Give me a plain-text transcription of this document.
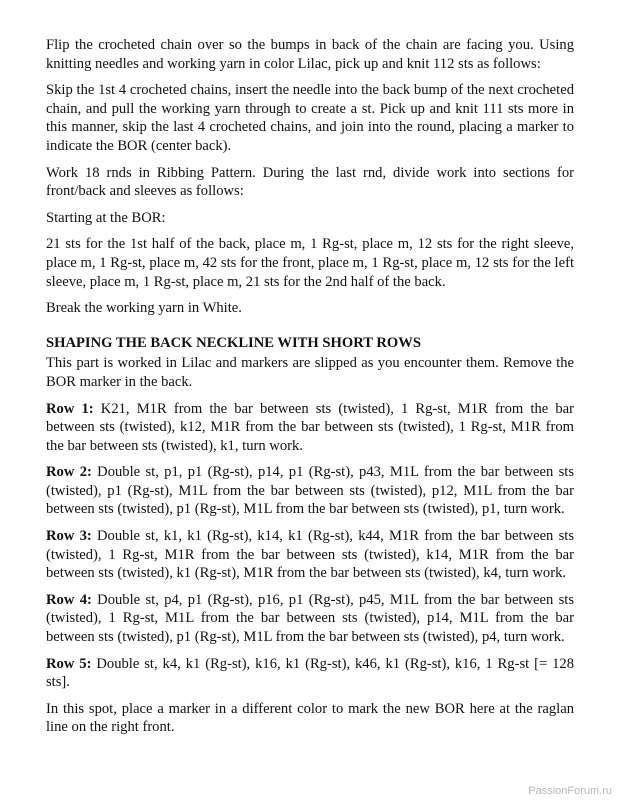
Flip the crocheted chain over so the bumps in back of the chain are facing you. Using knitting needles and working yarn in color Lilac, pick up and knit 112 sts as follows:

Skip the 1st 4 crocheted chains, insert the needle into the back bump of the next crocheted chain, and pull the working yarn through to create a st. Pick up and knit 111 sts more in this manner, skip the last 4 crocheted chains, and join into the round, placing a marker to indicate the BOR (center back).

Work 18 rnds in Ribbing Pattern. During the last rnd, divide work into sections for front/back and sleeves as follows:

Starting at the BOR:

21 sts for the 1st half of the back, place m, 1 Rg-st, place m, 12 sts for the right sleeve, place m, 1 Rg-st, place m, 42 sts for the front, place m, 1 Rg-st, place m, 12 sts for the left sleeve, place m, 1 Rg-st, place m, 21 sts for the 2nd half of the back.

Break the working yarn in White.

SHAPING THE BACK NECKLINE WITH SHORT ROWS

This part is worked in Lilac and markers are slipped as you encounter them. Remove the BOR marker in the back.

Row 1: K21, M1R from the bar between sts (twisted), 1 Rg-st, M1R from the bar between sts (twisted), k12, M1R from the bar between sts (twisted), 1 Rg-st, M1R from the bar between sts (twisted), k1, turn work.

Row 2: Double st, p1, p1 (Rg-st), p14, p1 (Rg-st), p43, M1L from the bar between sts (twisted), p1 (Rg-st), M1L from the bar between sts (twisted), p12, M1L from the bar between sts (twisted), p1 (Rg-st), M1L from the bar between sts (twisted), p1, turn work.

Row 3: Double st, k1, k1 (Rg-st), k14, k1 (Rg-st), k44, M1R from the bar between sts (twisted), 1 Rg-st, M1R from the bar between sts (twisted), k14, M1R from the bar between sts (twisted), k1 (Rg-st), M1R from the bar between sts (twisted), k4, turn work.

Row 4: Double st, p4, p1 (Rg-st), p16, p1 (Rg-st), p45, M1L from the bar between sts (twisted), 1 Rg-st, M1L from the bar between sts (twisted), p14, M1L from the bar between sts (twisted), p1 (Rg-st), M1L from the bar between sts (twisted), p4, turn work.

Row 5: Double st, k4, k1 (Rg-st), k16, k1 (Rg-st), k46, k1 (Rg-st), k16, 1 Rg-st [= 128 sts].

In this spot, place a marker in a different color to mark the new BOR here at the raglan line on the right front.

PassionForum.ru
